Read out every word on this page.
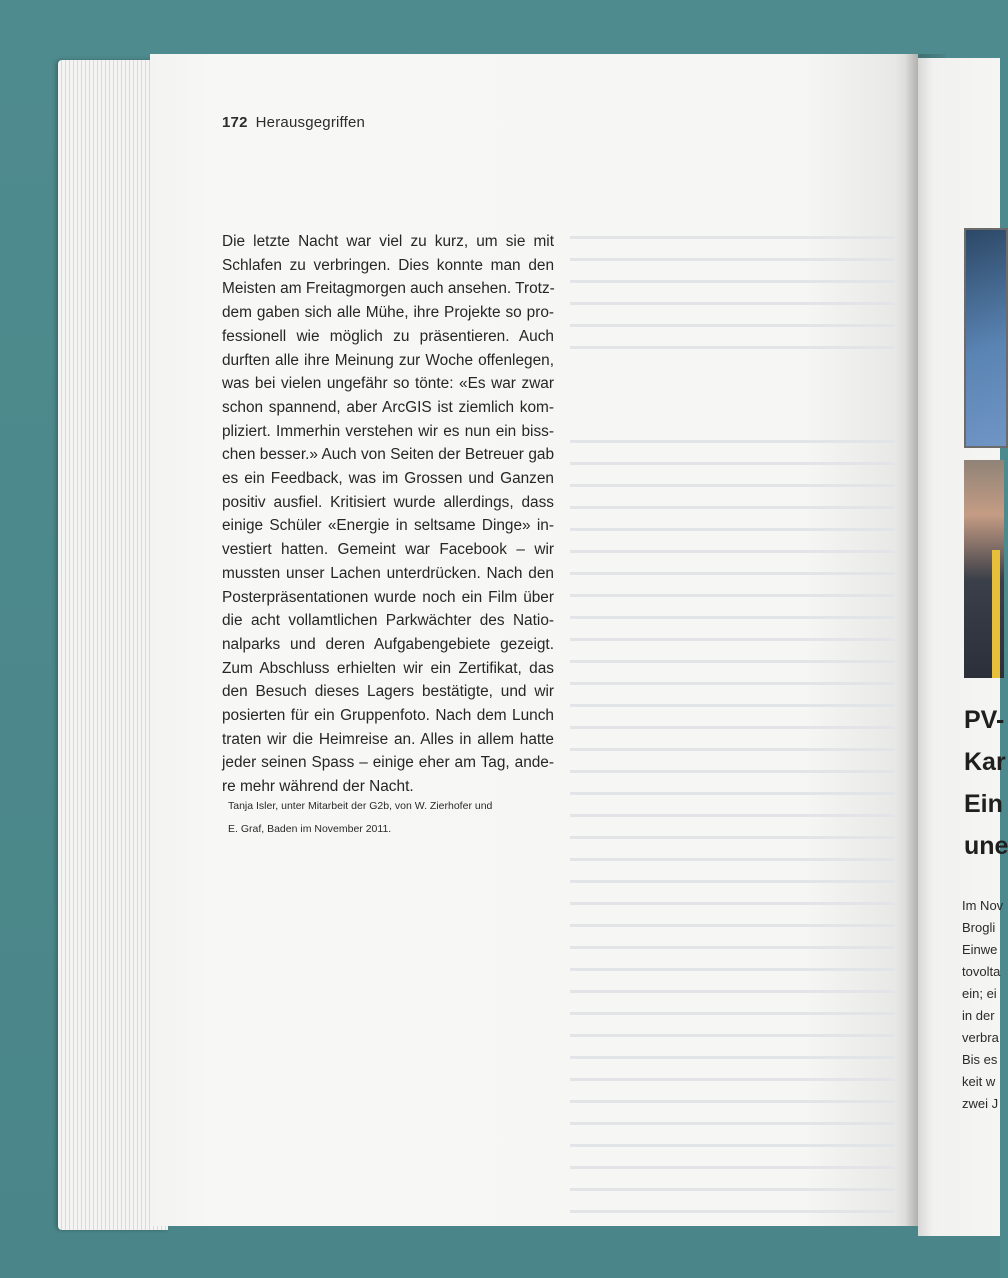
172 Herausgegriffen
Die letzte Nacht war viel zu kurz, um sie mit
Schlafen zu verbringen. Dies konnte man den
Meisten am Freitagmorgen auch ansehen. Trotz-
dem gaben sich alle Mühe, ihre Projekte so pro-
fessionell wie möglich zu präsentieren. Auch
durften alle ihre Meinung zur Woche offenlegen,
was bei vielen ungefähr so tönte: «Es war zwar
schon spannend, aber ArcGIS ist ziemlich kom-
pliziert. Immerhin verstehen wir es nun ein biss-
chen besser.» Auch von Seiten der Betreuer gab
es ein Feedback, was im Grossen und Ganzen
positiv ausfiel. Kritisiert wurde allerdings, dass
einige Schüler «Energie in seltsame Dinge» in-
vestiert hatten. Gemeint war Facebook – wir
mussten unser Lachen unterdrücken. Nach den
Posterpräsentationen wurde noch ein Film über
die acht vollamtlichen Parkwächter des Natio-
nalparks und deren Aufgabengebiete gezeigt.
Zum Abschluss erhielten wir ein Zertifikat, das
den Besuch dieses Lagers bestätigte, und wir
posierten für ein Gruppenfoto. Nach dem Lunch
traten wir die Heimreise an. Alles in allem hatte
jeder seinen Spass – einige eher am Tag, ande-
re mehr während der Nacht.
Tanja Isler, unter Mitarbeit der G2b, von W. Zierhofer und
E. Graf, Baden im November 2011.
PV-
Kar
Ein
une
Im Nov
Brogli
Einwe
tovolta
ein; ei
in der
verbra
Bis es
keit w
zwei J
